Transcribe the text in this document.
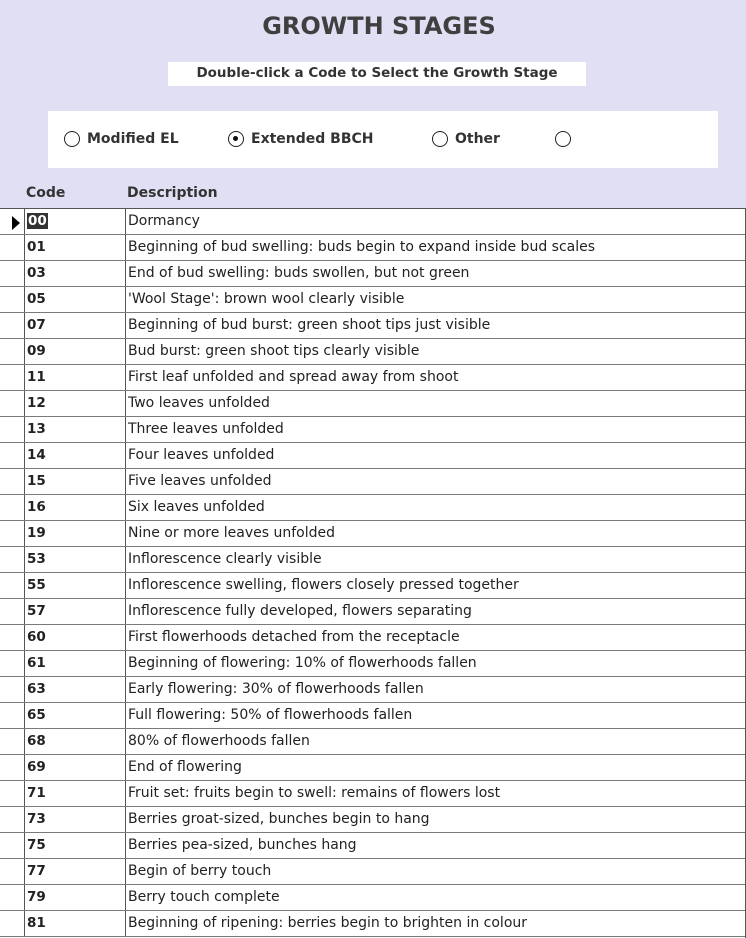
GROWTH STAGES
Double-click a Code to Select the Growth Stage
Modified EL	Extended BBCH	Other
Code	Description
00	Dormancy
01	Beginning of bud swelling: buds begin to expand inside bud scales
03	End of bud swelling: buds swollen, but not green
05	'Wool Stage': brown wool clearly visible
07	Beginning of bud burst: green shoot tips just visible
09	Bud burst: green shoot tips clearly visible
11	First leaf unfolded and spread away from shoot
12	Two leaves unfolded
13	Three leaves unfolded
14	Four leaves unfolded
15	Five leaves unfolded
16	Six leaves unfolded
19	Nine or more leaves unfolded
53	Inflorescence clearly visible
55	Inflorescence swelling, flowers closely pressed together
57	Inflorescence fully developed, flowers separating
60	First flowerhoods detached from the receptacle
61	Beginning of flowering: 10% of flowerhoods fallen
63	Early flowering: 30% of flowerhoods fallen
65	Full flowering: 50% of flowerhoods fallen
68	80% of flowerhoods fallen
69	End of flowering
71	Fruit set: fruits begin to swell: remains of flowers lost
73	Berries groat-sized, bunches begin to hang
75	Berries pea-sized, bunches hang
77	Begin of berry touch
79	Berry touch complete
81	Beginning of ripening: berries begin to brighten in colour
